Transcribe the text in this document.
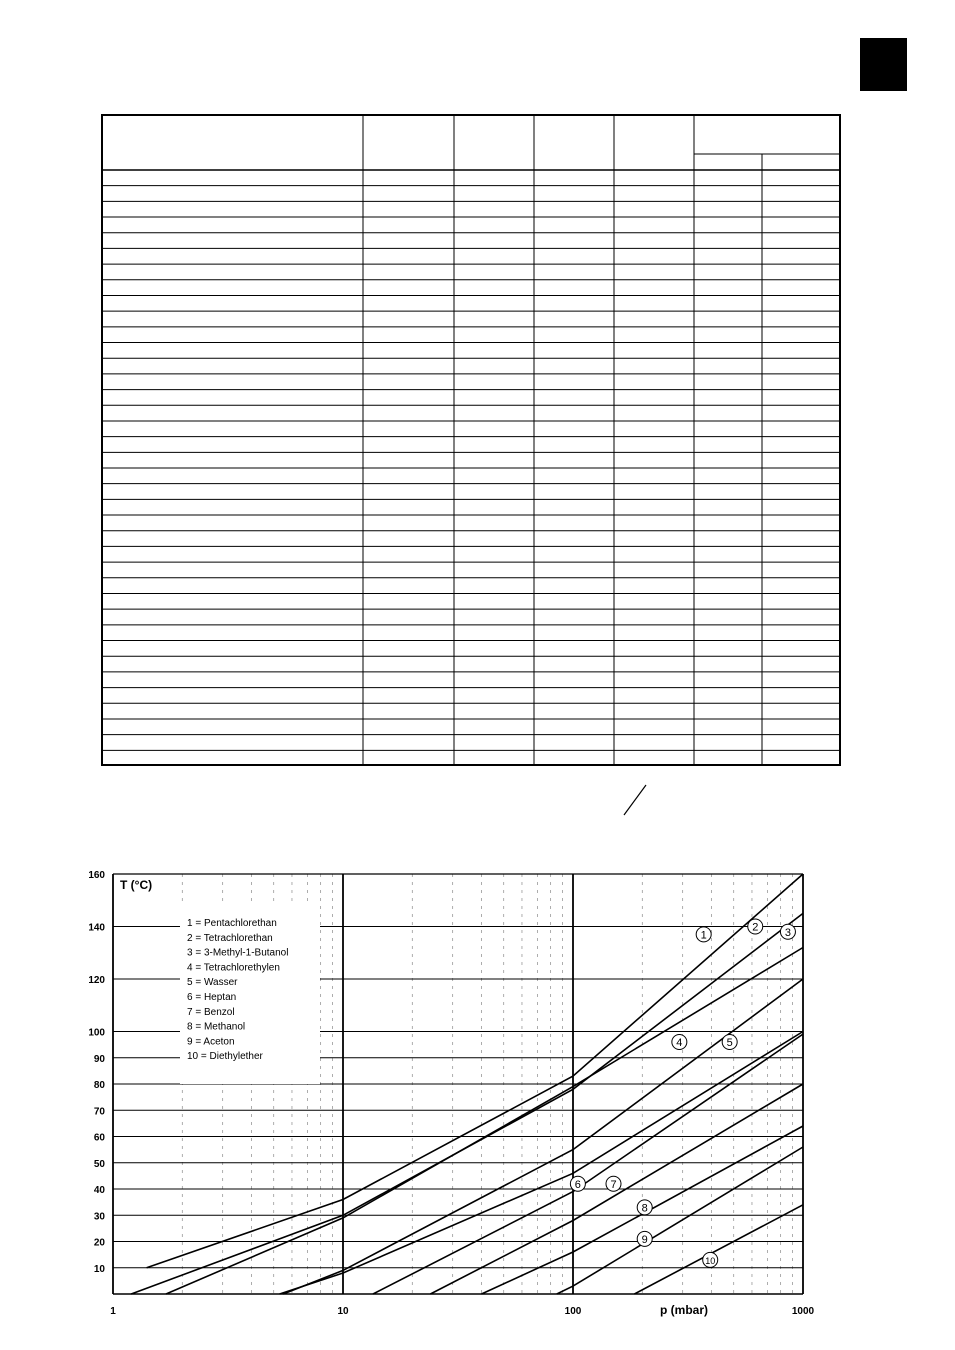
10
20
30
40
50
60
70
80
90
100
120
140
160
1	10	100	1000
1 = Pentachlorethan
2 = Tetrachlorethan
3 = 3-Methyl-1-Butanol
4 = Tetrachlorethylen
5 = Wasser
6 = Heptan
7 = Benzol
8 = Methanol
9 = Aceton
10 = Diethylether
1
2 3
4	5
6	7
8
9
10
T (°C)
p (mbar)
